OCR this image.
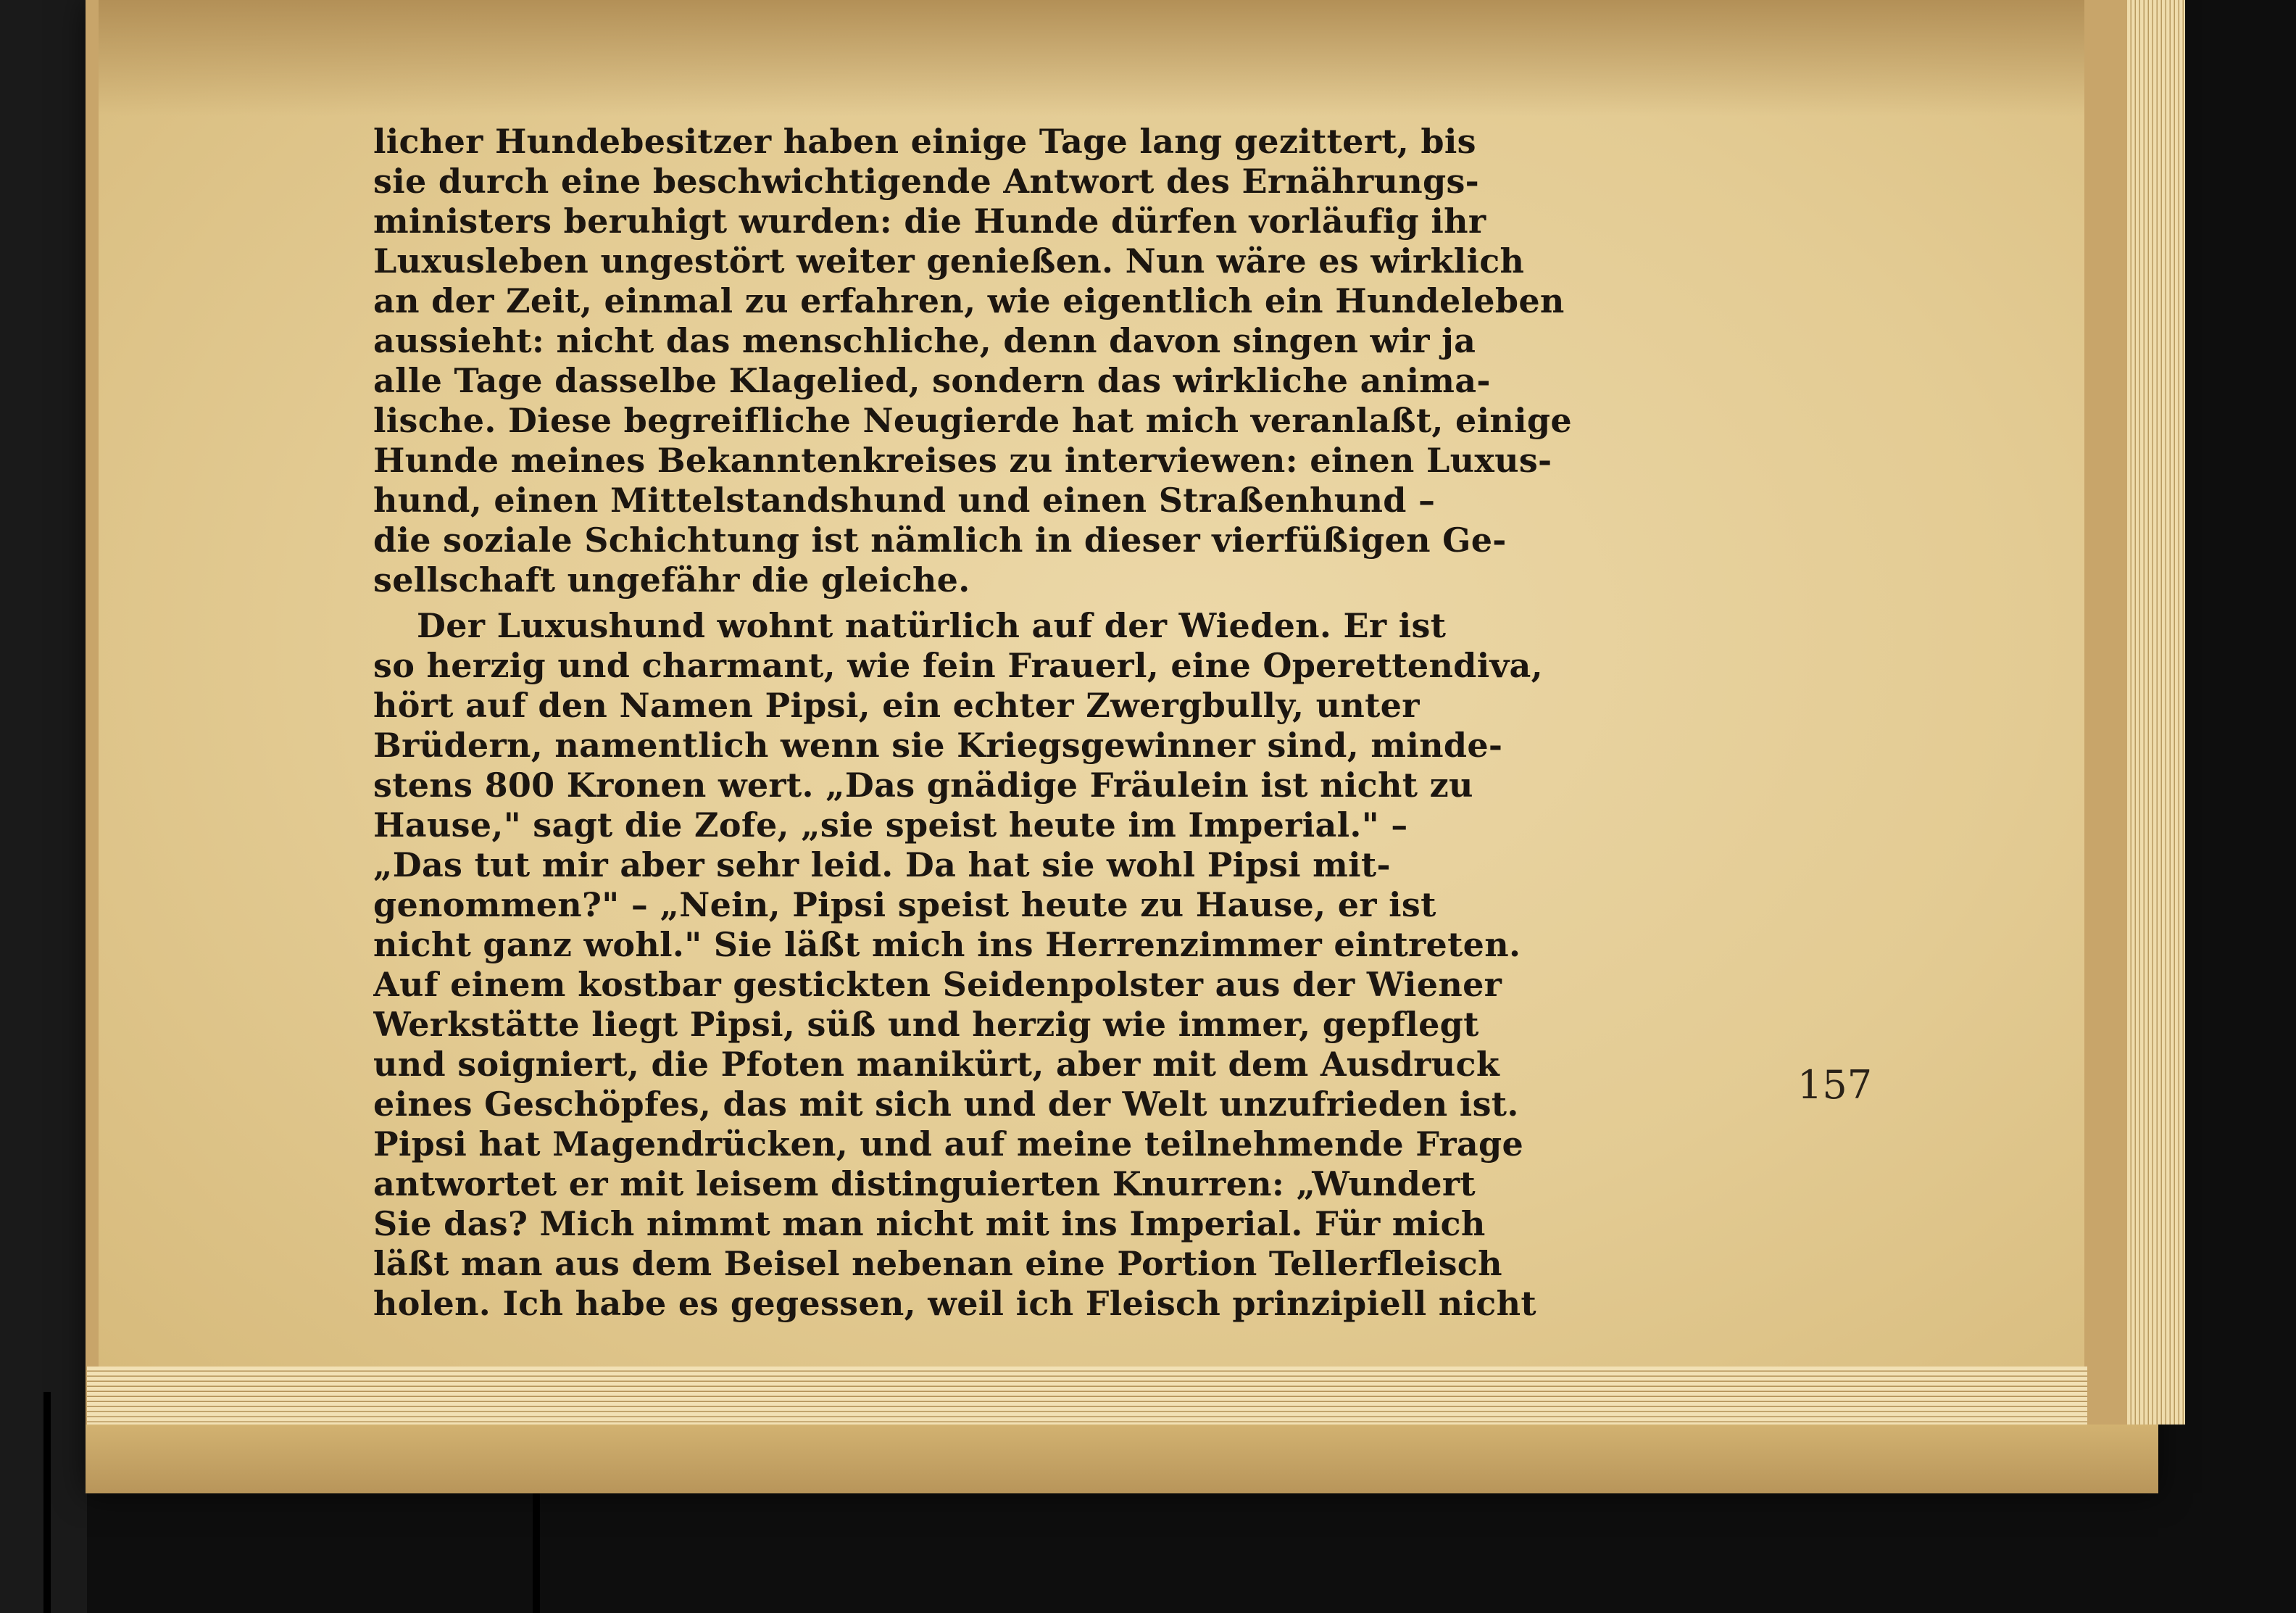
licher Hundebesitzer haben einige Tage lang gezittert, bis
sie durch eine beschwichtigende Antwort des Ernährungs-
ministers beruhigt wurden: die Hunde dürfen vorläufig ihr
Luxusleben ungestört weiter genießen. Nun wäre es wirklich
an der Zeit, einmal zu erfahren, wie eigentlich ein Hundeleben
aussieht: nicht das menschliche, denn davon singen wir ja
alle Tage dasselbe Klagelied, sondern das wirkliche anima-
lische. Diese begreifliche Neugierde hat mich veranlaßt, einige
Hunde meines Bekanntenkreises zu interviewen: einen Luxus-
hund, einen Mittelstandshund und einen Straßenhund –
die soziale Schichtung ist nämlich in dieser vierfüßigen Ge-
sellschaft ungefähr die gleiche.
Der Luxushund wohnt natürlich auf der Wieden. Er ist
so herzig und charmant, wie fein Frauerl, eine Operettendiva,
hört auf den Namen Pipsi, ein echter Zwergbully, unter
Brüdern, namentlich wenn sie Kriegsgewinner sind, minde-
stens 800 Kronen wert. „Das gnädige Fräulein ist nicht zu
Hause," sagt die Zofe, „sie speist heute im Imperial." –
„Das tut mir aber sehr leid. Da hat sie wohl Pipsi mit-
genommen?" – „Nein, Pipsi speist heute zu Hause, er ist
nicht ganz wohl." Sie läßt mich ins Herrenzimmer eintreten.
Auf einem kostbar gestickten Seidenpolster aus der Wiener
Werkstätte liegt Pipsi, süß und herzig wie immer, gepflegt
und soigniert, die Pfoten manikürt, aber mit dem Ausdruck
eines Geschöpfes, das mit sich und der Welt unzufrieden ist.
Pipsi hat Magendrücken, und auf meine teilnehmende Frage
antwortet er mit leisem distinguierten Knurren: „Wundert
Sie das? Mich nimmt man nicht mit ins Imperial. Für mich
läßt man aus dem Beisel nebenan eine Portion Tellerfleisch
holen. Ich habe es gegessen, weil ich Fleisch prinzipiell nicht
157
